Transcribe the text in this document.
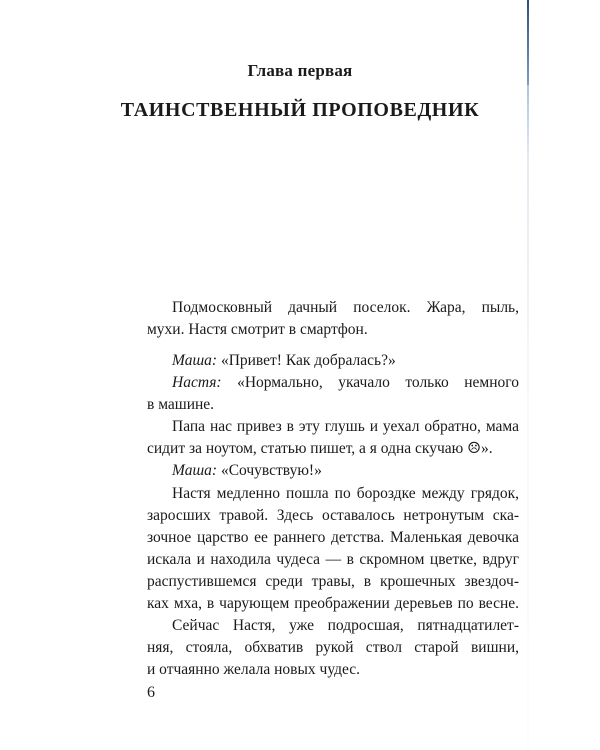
Глава первая
ТАИНСТВЕННЫЙ ПРОПОВЕДНИК
Подмосковный дачный поселок. Жара, пыль,
мухи. Настя смотрит в смартфон.
Маша: «Привет! Как добралась?»
Настя: «Нормально, укачало только немного
в машине.
Папа нас привез в эту глушь и уехал обратно, мама
сидит за ноутом, статью пишет, а я одна скучаю ☹».
Маша: «Сочувствую!»
Настя медленно пошла по бороздке между грядок,
заросших травой. Здесь оставалось нетронутым ска-
зочное царство ее раннего детства. Маленькая девочка
искала и находила чудеса — в скромном цветке, вдруг
распустившемся среди травы, в крошечных звездоч-
ках мха, в чарующем преображении деревьев по весне.
Сейчас Настя, уже подросшая, пятнадцатилет-
няя, стояла, обхватив рукой ствол старой вишни,
и отчаянно желала новых чудес.
6
